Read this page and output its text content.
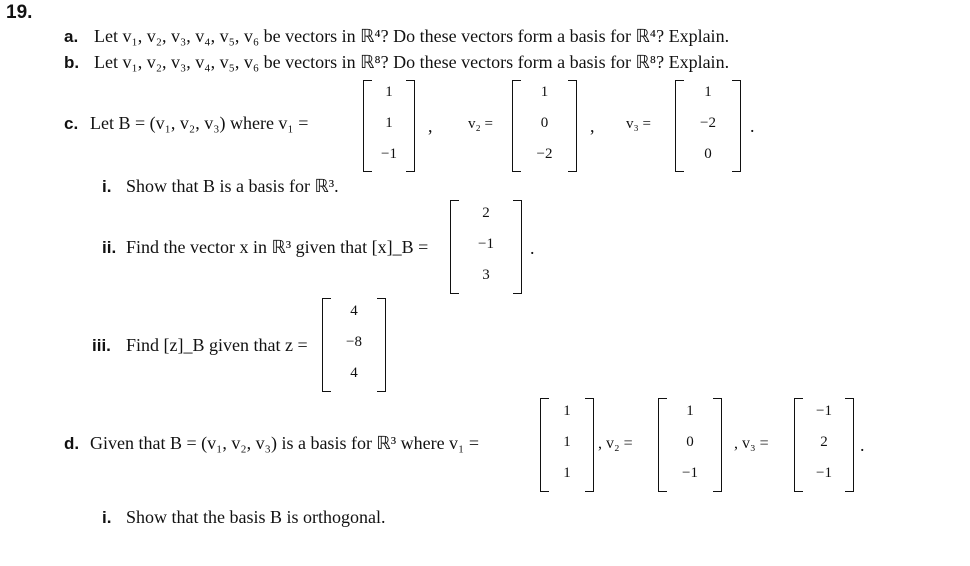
19.
a. Let v₁, v₂, v₃, v₄, v₅, v₆ be vectors in ℝ⁴? Do these vectors form a basis for ℝ⁴? Explain.
b. Let v₁, v₂, v₃, v₄, v₅, v₆ be vectors in ℝ⁸? Do these vectors form a basis for ℝ⁸? Explain.
c. Let B = (v₁, v₂, v₃) where v₁ =
1
1
−1
, v₂ =
1
0
−2
, v₃ =
1
−2
0
.
i. Show that B is a basis for ℝ³.
ii. Find the vector x in ℝ³ given that [x]_B =
2
−1
3
.
iii. Find [z]_B given that z =
4
−8
4
d. Given that B = (v₁, v₂, v₃) is a basis for ℝ³ where v₁ =
1
1
1
, v₂ =
1
0
−1
, v₃ =
−1
2
−1
.
i. Show that the basis B is orthogonal.
